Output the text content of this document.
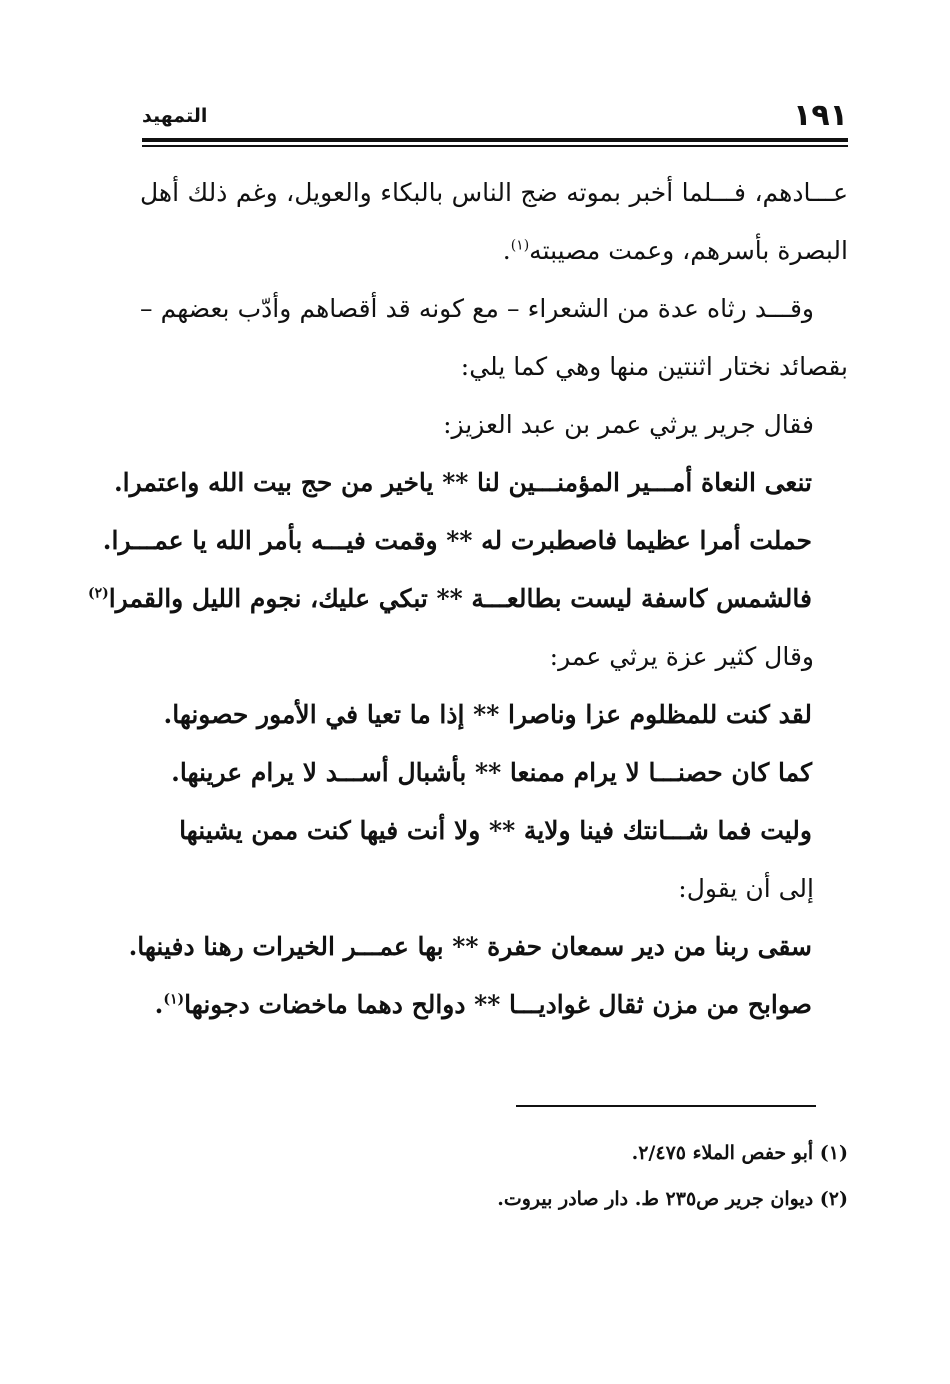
١٩١
التمهيد
عـــادهم، فـــلما أخبر بموته ضج الناس بالبكاء والعويل، وغم ذلك أهل
البصرة بأسرهم، وعمت مصيبته$^{(١)}$.
وقـــد رثاه عدة من الشعراء – مع كونه قد أقصاهم وأدّب بعضهم –
بقصائد نختار اثنتين منها وهي كما يلي:
فقال جرير يرثي عمر بن عبد العزيز:
تنعى النعاة أمـــير المؤمنـــين لنا ** ياخير من حج بيت الله واعتمرا.
حملت أمرا عظيما فاصطبرت له ** وقمت فيـــه بأمر الله يا عمـــرا.
فالشمس كاسفة ليست بطالعـــة ** تبكي عليك، نجوم الليل والقمرا$^{(٢)}$
وقال كثير عزة يرثي عمر:
لقد كنت للمظلوم عزا وناصرا ** إذا ما تعيا في الأمور حصونها.
كما كان حصنـــا لا يرام ممنعا ** بأشبال أســـد لا يرام عرينها.
وليت فما شـــانتك فينا ولاية ** ولا أنت فيها كنت ممن يشينها
إلى أن يقول:
سقى ربنا من دير سمعان حفرة ** بها عمـــر الخيرات رهنا دفينها.
صوابح من مزن ثقال غواديـــا ** دوالح دهما ماخضات دجونها$^{(١)}$.
(١) أبو حفص الملاء ٢/٤٧٥.
(٢) ديوان جرير ص٢٣٥ ط. دار صادر بيروت.
